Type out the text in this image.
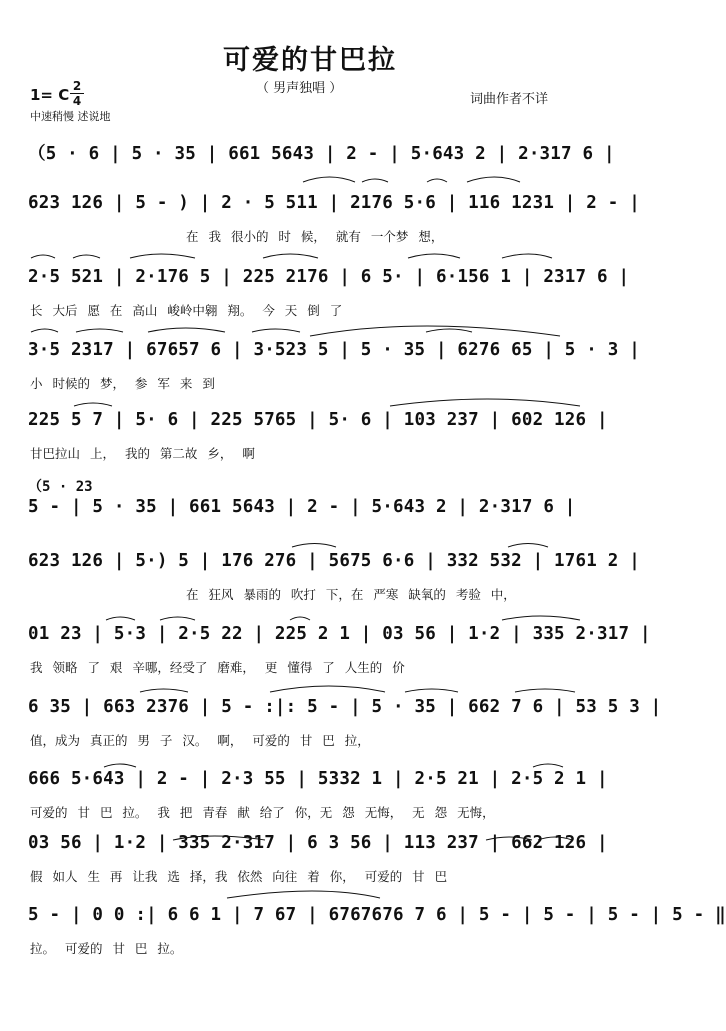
可爱的甘巴拉
（ 男声独唱 ）
词曲作者不详
1= C 2
4
中速稍慢 述说地
（5 · 23
（5 · 6 | 5 · 35 | 661 5643 | 2 - | 5·643 2 | 2·317 6 |
623 126 | 5 - ) | 2 · 5 511 | 2176 5·6 | 116 1231 | 2 - |
在 我 很小的 时 候， 就有 一个梦 想，
2·5 521 | 2·176 5 | 225 2176 | 6 5· | 6·156 1 | 2317 6 |
长 大后 愿 在 高山 峻岭中翱 翔。 今 天 倒 了
3·5 2317 | 67657 6 | 3·523 5 | 5 · 35 | 6276 65 | 5 · 3 |
小 时候的 梦， 参 军 来 到
225 5 7 | 5· 6 | 225 5765 | 5· 6 | 103 237 | 602 126 |
甘巴拉山 上， 我的 第二故 乡， 啊
5 - | 5 · 35 | 661 5643 | 2 - | 5·643 2 | 2·317 6 |
623 126 | 5·) 5 | 176 276 | 5675 6·6 | 332 532 | 1761 2 |
在 狂风 暴雨的 吹打 下，在 严寒 缺氧的 考验 中，
01 23 | 5·3 | 2·5 22 | 225 2 1 | 03 56 | 1·2 | 335 2·317 |
我 领略 了 艰 辛哪，经受了 磨难， 更 懂得 了 人生的 价
6 35 | 663 2376 | 5 - :|: 5 - | 5 · 35 | 662 7 6 | 53 5 3 |
值，成为 真正的 男 子 汉。 啊， 可爱的 甘 巴 拉，
666 5·643 | 2 - | 2·3 55 | 5332 1 | 2·5 21 | 2·5 2 1 |
可爱的 甘 巴 拉。 我 把 青春 献 给了 你，无 怨 无悔， 无 怨 无悔，
03 56 | 1·2 | 335 2·317 | 6 3 56 | 113 237 | 662 126 |
假 如人 生 再 让我 选 择，我 依然 向往 着 你， 可爱的 甘 巴
5 - | 0 0 :| 6 6 1 | 7 67 | 6767676 7 6 | 5 - | 5 - | 5 - | 5 - ‖
拉。 可爱的 甘 巴 拉。
